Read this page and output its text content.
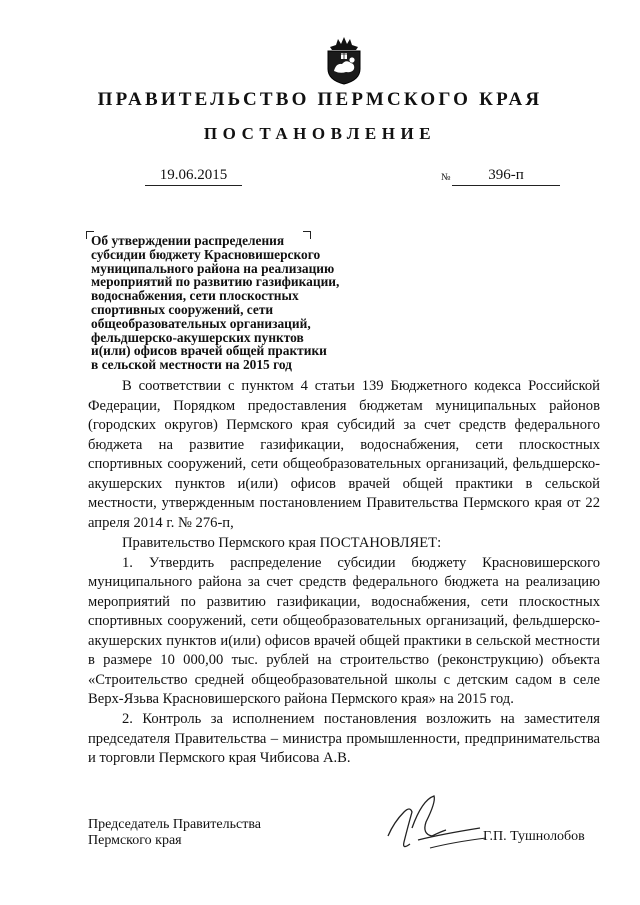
ПРАВИТЕЛЬСТВО ПЕРМСКОГО КРАЯ
ПОСТАНОВЛЕНИЕ
19.06.2015	№	396-п
Об утверждении распределения
субсидии бюджету Красновишерского
муниципального района на реализацию
мероприятий по развитию газификации,
водоснабжения, сети плоскостных
спортивных сооружений, сети
общеобразовательных организаций,
фельдшерско-акушерских пунктов
и(или) офисов врачей общей практики
в сельской местности на 2015 год

В соответствии с пунктом 4 статьи 139 Бюджетного кодекса Российской Федерации, Порядком предоставления бюджетам муниципальных районов (городских округов) Пермского края субсидий за счет средств федерального бюджета на развитие газификации, водоснабжения, сети плоскостных спортивных сооружений, сети общеобразовательных организаций, фельдшерско-акушерских пунктов и(или) офисов врачей общей практики в сельской местности, утвержденным постановлением Правительства Пермского края от 22 апреля 2014 г. № 276-п,

Правительство Пермского края ПОСТАНОВЛЯЕТ:

1. Утвердить распределение субсидии бюджету Красновишерского муниципального района за счет средств федерального бюджета на реализацию мероприятий по развитию газификации, водоснабжения, сети плоскостных спортивных сооружений, сети общеобразовательных организаций, фельдшерско-акушерских пунктов и(или) офисов врачей общей практики в сельской местности в размере 10 000,00 тыс. рублей на строительство (реконструкцию) объекта «Строительство средней общеобразовательной школы с детским садом в селе Верх-Язьва Красновишерского района Пермского края» на 2015 год.

2. Контроль за исполнением постановления возложить на заместителя председателя Правительства – министра промышленности, предпринимательства и торговли Пермского края Чибисова А.В.

Председатель Правительства
Пермского края	Г.П. Тушнолобов
